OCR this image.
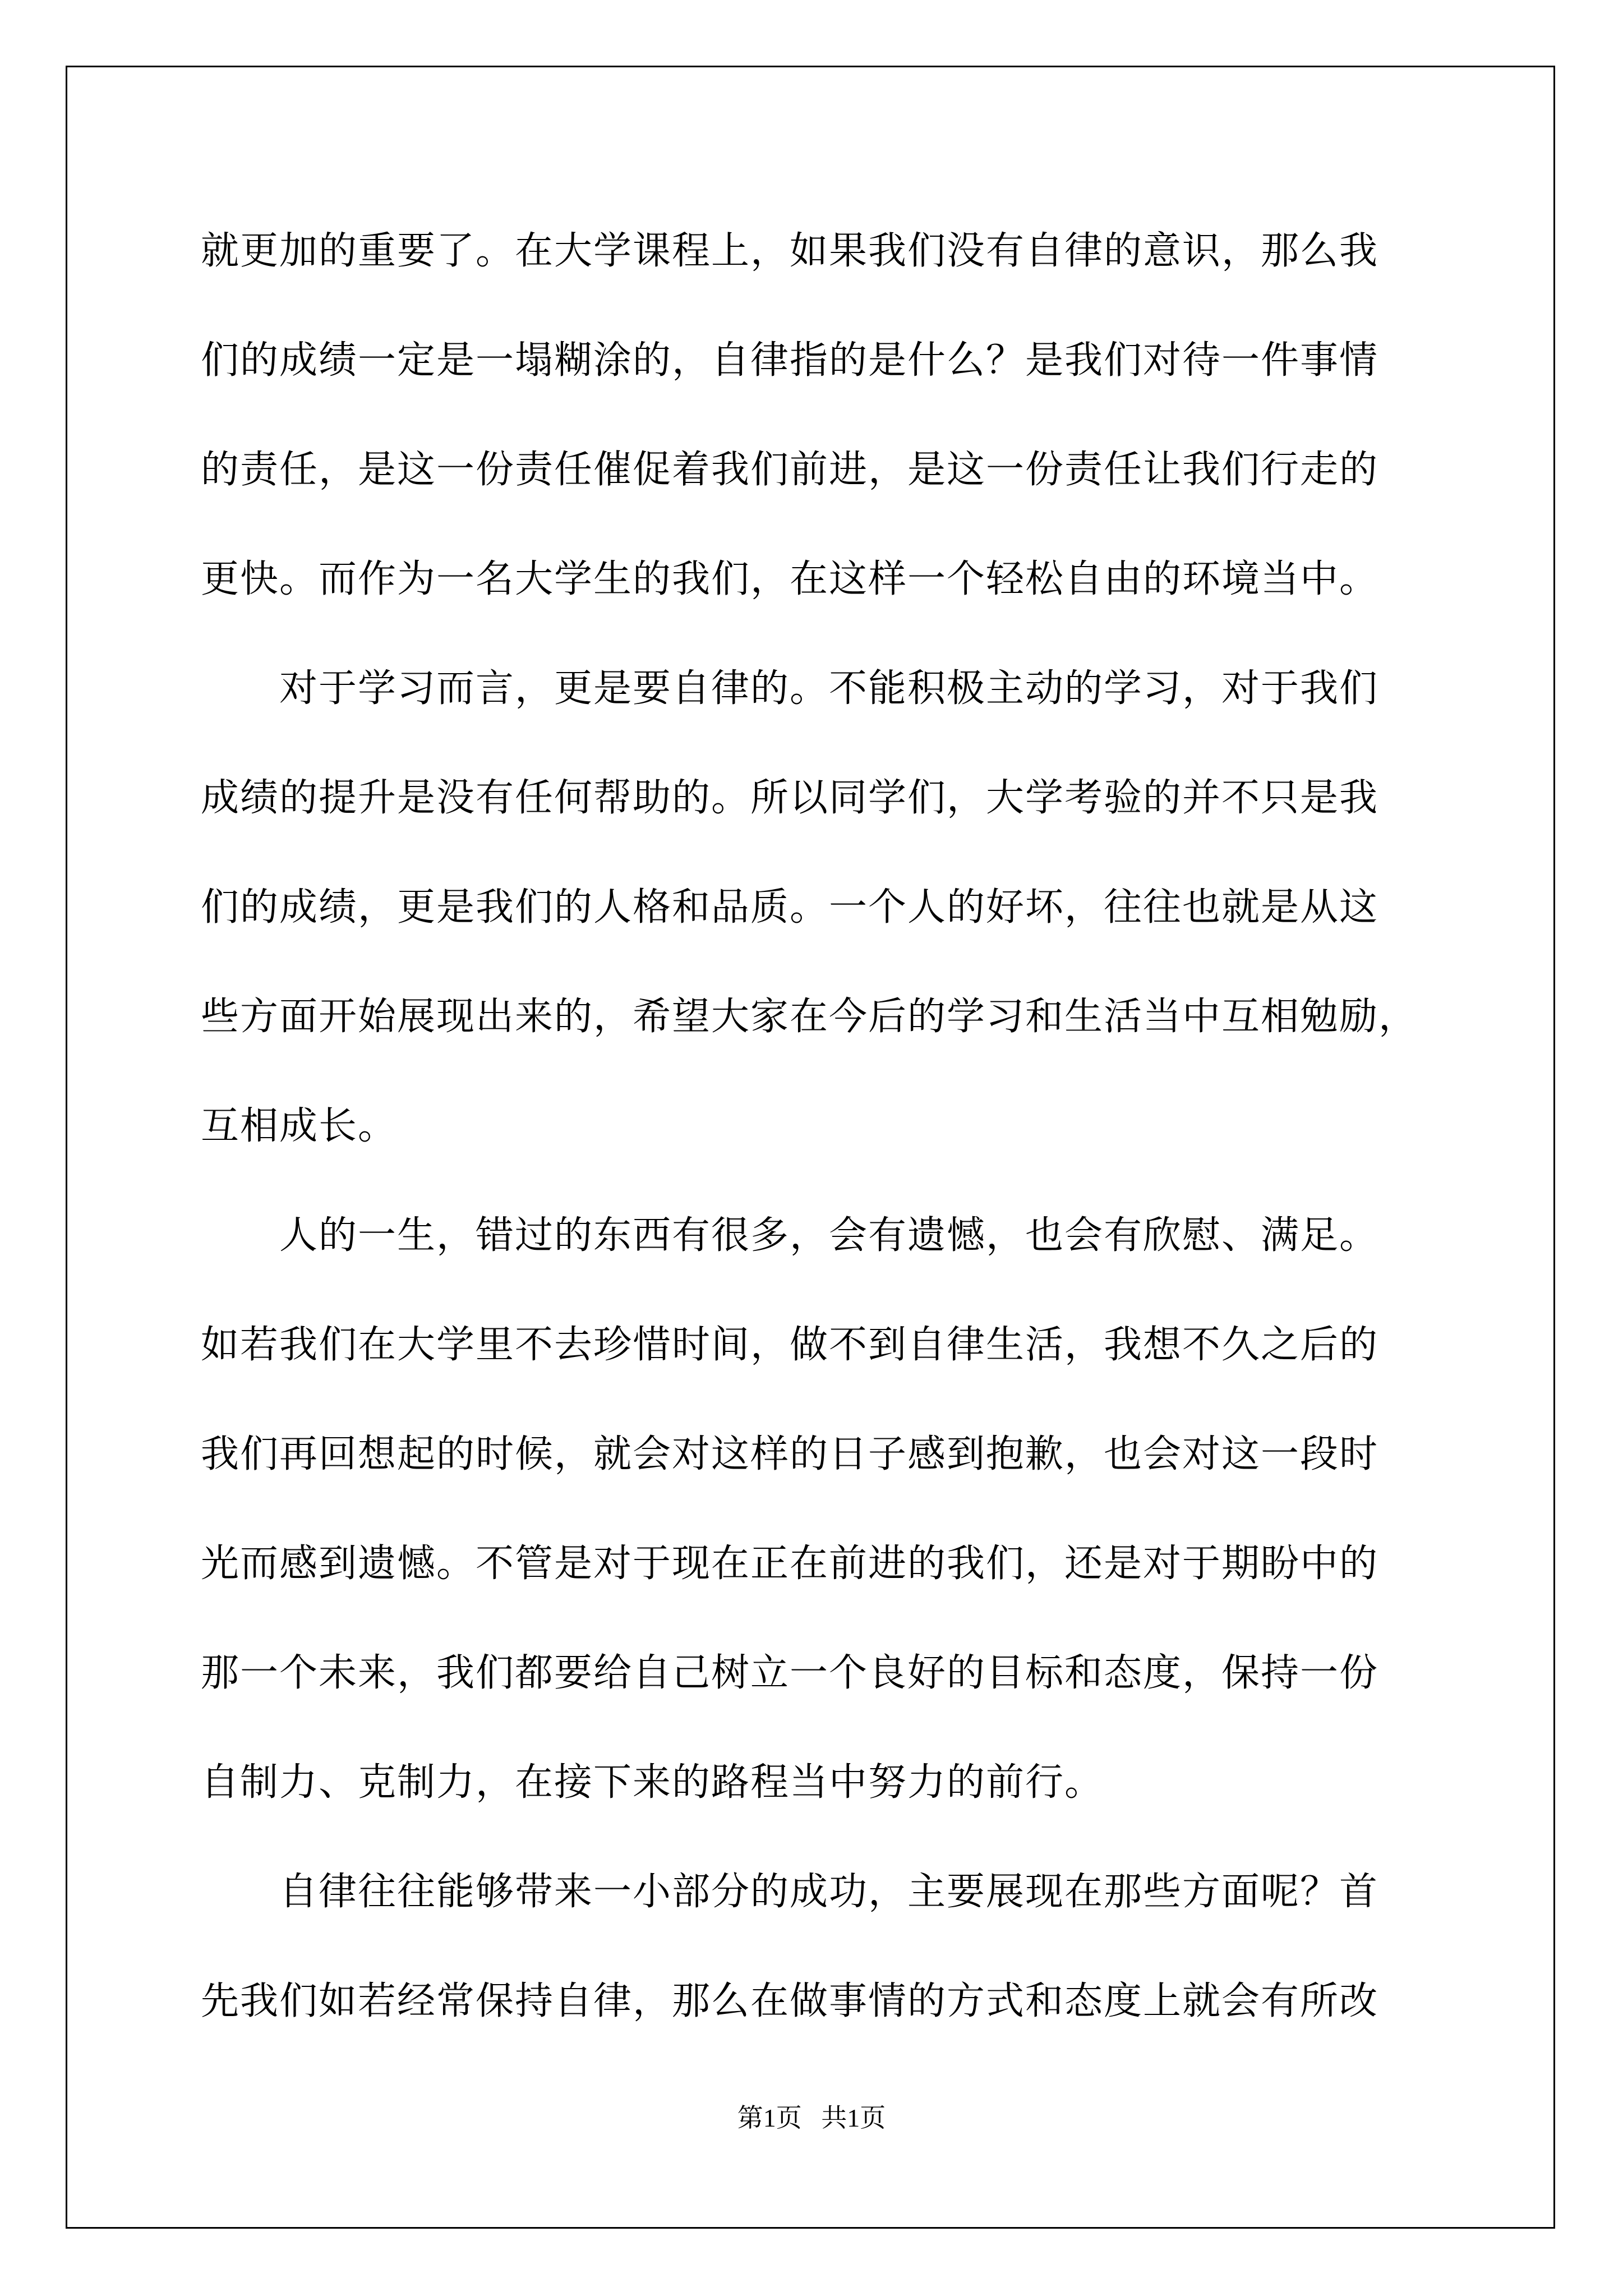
就更加的重要了。在大学课程上，如果我们没有自律的意识，那么我
们的成绩一定是一塌糊涂的，自律指的是什么？是我们对待一件事情
的责任，是这一份责任催促着我们前进，是这一份责任让我们行走的
更快。而作为一名大学生的我们，在这样一个轻松自由的环境当中。
对于学习而言，更是要自律的。不能积极主动的学习，对于我们
成绩的提升是没有任何帮助的。所以同学们，大学考验的并不只是我
们的成绩，更是我们的人格和品质。一个人的好坏，往往也就是从这
些方面开始展现出来的，希望大家在今后的学习和生活当中互相勉励，
互相成长。
人的一生，错过的东西有很多，会有遗憾，也会有欣慰、满足。
如若我们在大学里不去珍惜时间，做不到自律生活，我想不久之后的
我们再回想起的时候，就会对这样的日子感到抱歉，也会对这一段时
光而感到遗憾。不管是对于现在正在前进的我们，还是对于期盼中的
那一个未来，我们都要给自己树立一个良好的目标和态度，保持一份
自制力、克制力，在接下来的路程当中努力的前行。
自律往往能够带来一小部分的成功，主要展现在那些方面呢？首
先我们如若经常保持自律，那么在做事情的方式和态度上就会有所改
第1页 共1页
